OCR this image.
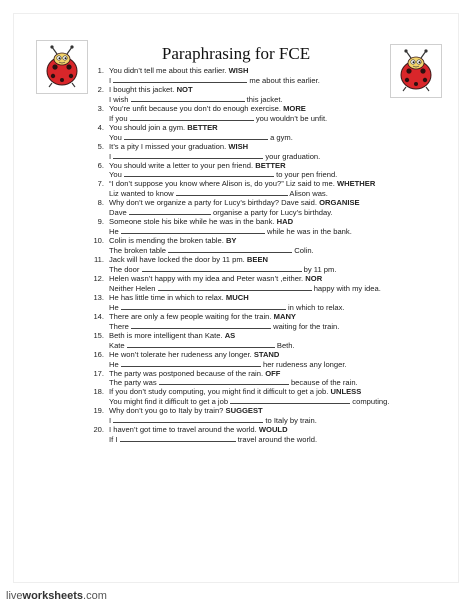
Paraphrasing for FCE
1. You didn’t tell me about this earlier. WISH
I	me about this earlier.
2. I bought this jacket. NOT
I wish	this jacket.
3. You’re unfit because you don’t do enough exercise. MORE
If you	you wouldn’t be unfit.
4. You should join a gym. BETTER
You	a gym.
5. It’s a pity I missed your graduation. WISH
I	your graduation.
6. You should write a letter to your pen friend. BETTER
You	to your pen friend.
7. “I don’t suppose you know where Alison is, do you?” Liz said to me. WHETHER
Liz wanted to know	Alison was.
8. Why don’t we organize a party for Lucy’s birthday? Dave said. ORGANISE
Dave	organise a party for Lucy’s birthday.
9. Someone stole his bike while he was in the bank. HAD
He	while he was in the bank.
10. Colin is mending the broken table. BY
The broken table	Colin.
11. Jack will have locked the door by 11 pm. BEEN
The door	by 11 pm.
12. Helen wasn’t happy with my idea and Peter wasn’t ,either. NOR
Neither Helen	happy with my idea.
13. He has little time in which to relax. MUCH
He	in which to relax.
14. There are only a few people waiting for the train. MANY
There	waiting for the train.
15. Beth is more intelligent than Kate. AS
Kate	Beth.
16. He won’t tolerate her rudeness any longer. STAND
He	her rudeness any longer.
17. The party was postponed because of the rain. OFF
The party was	because of the rain.
18. If you don’t study computing, you might find it difficult to get a job. UNLESS
You might find it difficult to get a job	computing.
19. Why don’t you go to Italy by train? SUGGEST
I	to Italy by train.
20. I haven’t got time to travel around the world. WOULD
If I	travel around the world.
liveworksheets.com
